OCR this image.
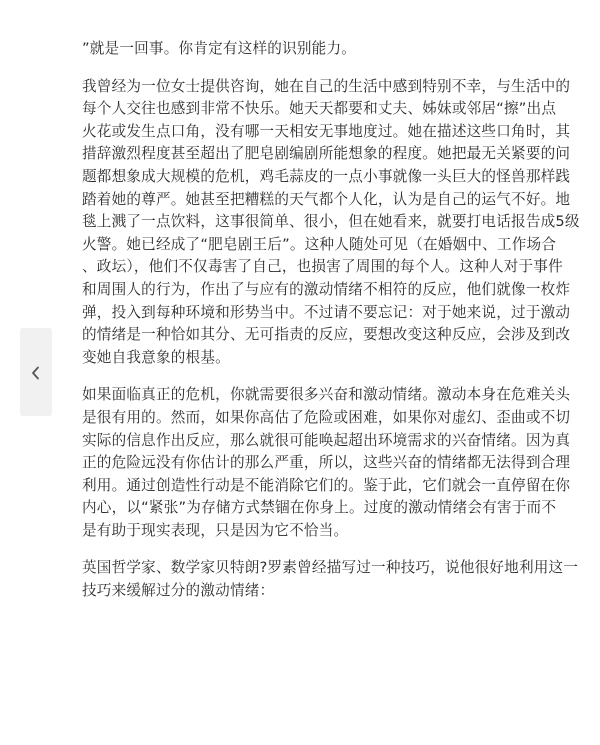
”就是一回事。你肯定有这样的识别能力。

我曾经为一位女士提供咨询，她在自己的生活中感到特别不幸，与生活中的
每个人交往也感到非常不快乐。她天天都要和丈夫、姊妹或邻居“擦”出点
火花或发生点口角，没有哪一天相安无事地度过。她在描述这些口角时，其
措辞激烈程度甚至超出了肥皂剧编剧所能想象的程度。她把最无关紧要的问
题都想象成大规模的危机，鸡毛蒜皮的一点小事就像一头巨大的怪兽那样践
踏着她的尊严。她甚至把糟糕的天气都个人化，认为是自己的运气不好。地
毯上溅了一点饮料，这事很简单、很小，但在她看来，就要打电话报告成5级
火警。她已经成了“肥皂剧王后”。这种人随处可见（在婚姻中、工作场合
、政坛），他们不仅毒害了自己，也损害了周围的每个人。这种人对于事件
和周围人的行为，作出了与应有的激动情绪不相符的反应，他们就像一枚炸
弹，投入到每种环境和形势当中。不过请不要忘记：对于她来说，过于激动
的情绪是一种恰如其分、无可指责的反应，要想改变这种反应，会涉及到改
变她自我意象的根基。

如果面临真正的危机，你就需要很多兴奋和激动情绪。激动本身在危难关头
是很有用的。然而，如果你高估了危险或困难，如果你对虚幻、歪曲或不切
实际的信息作出反应，那么就很可能唤起超出环境需求的兴奋情绪。因为真
正的危险远没有你估计的那么严重，所以，这些兴奋的情绪都无法得到合理
利用。通过创造性行动是不能消除它们的。鉴于此，它们就会一直停留在你
内心，以“紧张”为存储方式禁锢在你身上。过度的激动情绪会有害于而不
是有助于现实表现，只是因为它不恰当。

英国哲学家、数学家贝特朗?罗素曾经描写过一种技巧，说他很好地利用这一
技巧来缓解过分的激动情绪：
